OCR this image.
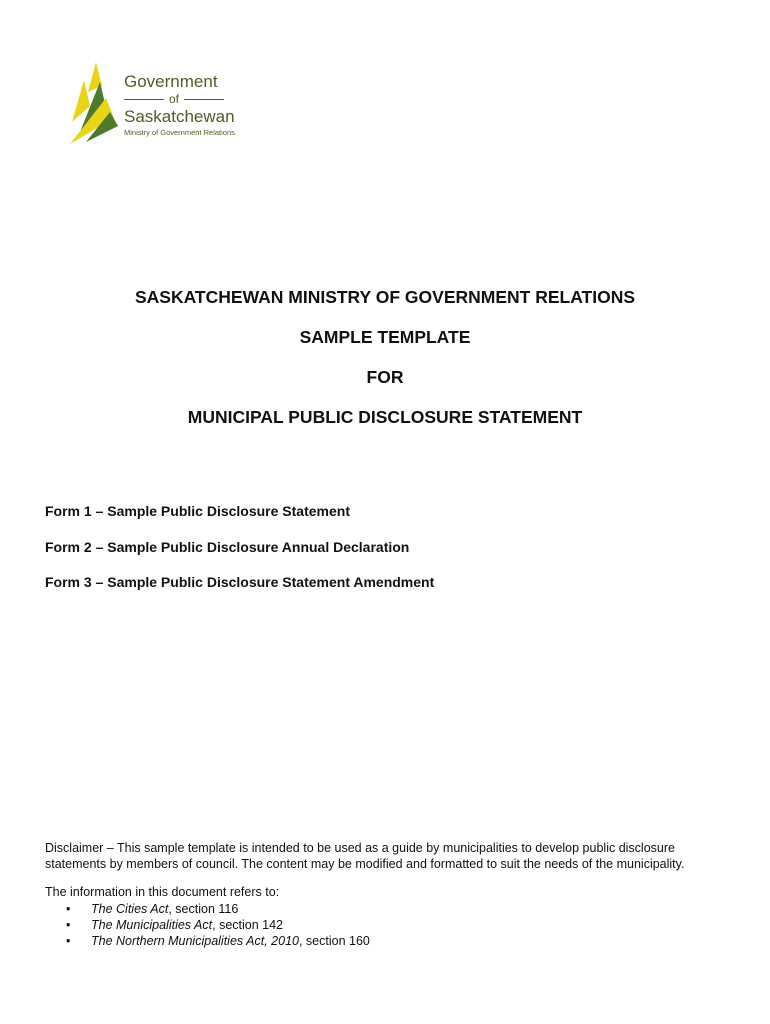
Government
of
Saskatchewan
Ministry of Government Relations

SASKATCHEWAN MINISTRY OF GOVERNMENT RELATIONS

SAMPLE TEMPLATE

FOR

MUNICIPAL PUBLIC DISCLOSURE STATEMENT

Form 1 – Sample Public Disclosure Statement

Form 2 – Sample Public Disclosure Annual Declaration

Form 3 – Sample Public Disclosure Statement Amendment

Disclaimer – This sample template is intended to be used as a guide by municipalities to develop public disclosure statements by members of council. The content may be modified and formatted to suit the needs of the municipality.
The information in this document refers to:
• The Cities Act, section 116
• The Municipalities Act, section 142
• The Northern Municipalities Act, 2010, section 160
